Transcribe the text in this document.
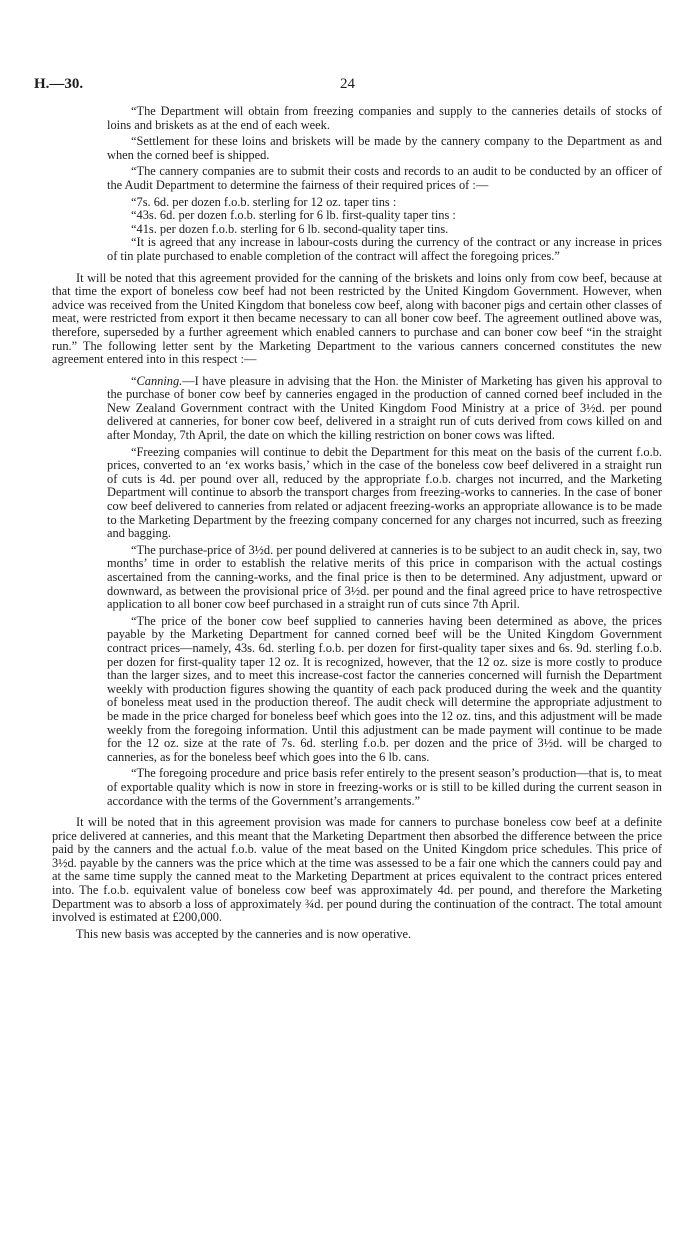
H.—30.	24

“The Department will obtain from freezing companies and supply to the canneries details of stocks of loins and briskets as at the end of each week.

“Settlement for these loins and briskets will be made by the cannery company to the Department as and when the corned beef is shipped.

“The cannery companies are to submit their costs and records to an audit to be conducted by an officer of the Audit Department to determine the fairness of their required prices of :—

“7s. 6d. per dozen f.o.b. sterling for 12 oz. taper tins :

“43s. 6d. per dozen f.o.b. sterling for 6 lb. first-quality taper tins :

“41s. per dozen f.o.b. sterling for 6 lb. second-quality taper tins.

“It is agreed that any increase in labour-costs during the currency of the contract or any increase in prices of tin plate purchased to enable completion of the contract will affect the foregoing prices.”

It will be noted that this agreement provided for the canning of the briskets and loins only from cow beef, because at that time the export of boneless cow beef had not been restricted by the United Kingdom Government. However, when advice was received from the United Kingdom that boneless cow beef, along with baconer pigs and certain other classes of meat, were restricted from export it then became necessary to can all boner cow beef. The agreement outlined above was, therefore, superseded by a further agreement which enabled canners to purchase and can boner cow beef “in the straight run.” The following letter sent by the Marketing Department to the various canners concerned constitutes the new agreement entered into in this respect :—

“Canning.—I have pleasure in advising that the Hon. the Minister of Marketing has given his approval to the purchase of boner cow beef by canneries engaged in the production of canned corned beef included in the New Zealand Government contract with the United Kingdom Food Ministry at a price of 3½d. per pound delivered at canneries, for boner cow beef, delivered in a straight run of cuts derived from cows killed on and after Monday, 7th April, the date on which the killing restriction on boner cows was lifted.

“Freezing companies will continue to debit the Department for this meat on the basis of the current f.o.b. prices, converted to an ‘ex works basis,’ which in the case of the boneless cow beef delivered in a straight run of cuts is 4d. per pound over all, reduced by the appropriate f.o.b. charges not incurred, and the Marketing Department will continue to absorb the transport charges from freezing-works to canneries. In the case of boner cow beef delivered to canneries from related or adjacent freezing-works an appropriate allowance is to be made to the Marketing Department by the freezing company concerned for any charges not incurred, such as freezing and bagging.

“The purchase-price of 3½d. per pound delivered at canneries is to be subject to an audit check in, say, two months’ time in order to establish the relative merits of this price in comparison with the actual costings ascertained from the canning-works, and the final price is then to be determined. Any adjustment, upward or downward, as between the provisional price of 3½d. per pound and the final agreed price to have retrospective application to all boner cow beef purchased in a straight run of cuts since 7th April.

“The price of the boner cow beef supplied to canneries having been determined as above, the prices payable by the Marketing Department for canned corned beef will be the United Kingdom Government contract prices—namely, 43s. 6d. sterling f.o.b. per dozen for first-quality taper sixes and 6s. 9d. sterling f.o.b. per dozen for first-quality taper 12 oz. It is recognized, however, that the 12 oz. size is more costly to produce than the larger sizes, and to meet this increase-cost factor the canneries concerned will furnish the Department weekly with production figures showing the quantity of each pack produced during the week and the quantity of boneless meat used in the production thereof. The audit check will determine the appropriate adjustment to be made in the price charged for boneless beef which goes into the 12 oz. tins, and this adjustment will be made weekly from the foregoing information. Until this adjustment can be made payment will continue to be made for the 12 oz. size at the rate of 7s. 6d. sterling f.o.b. per dozen and the price of 3½d. will be charged to canneries, as for the boneless beef which goes into the 6 lb. cans.

“The foregoing procedure and price basis refer entirely to the present season’s production—that is, to meat of exportable quality which is now in store in freezing-works or is still to be killed during the current season in accordance with the terms of the Government’s arrangements.”

It will be noted that in this agreement provision was made for canners to purchase boneless cow beef at a definite price delivered at canneries, and this meant that the Marketing Department then absorbed the difference between the price paid by the canners and the actual f.o.b. value of the meat based on the United Kingdom price schedules. This price of 3½d. payable by the canners was the price which at the time was assessed to be a fair one which the canners could pay and at the same time supply the canned meat to the Marketing Department at prices equivalent to the contract prices entered into. The f.o.b. equivalent value of boneless cow beef was approximately 4d. per pound, and therefore the Marketing Department was to absorb a loss of approximately ¾d. per pound during the continuation of the contract. The total amount involved is estimated at £200,000.

This new basis was accepted by the canneries and is now operative.
